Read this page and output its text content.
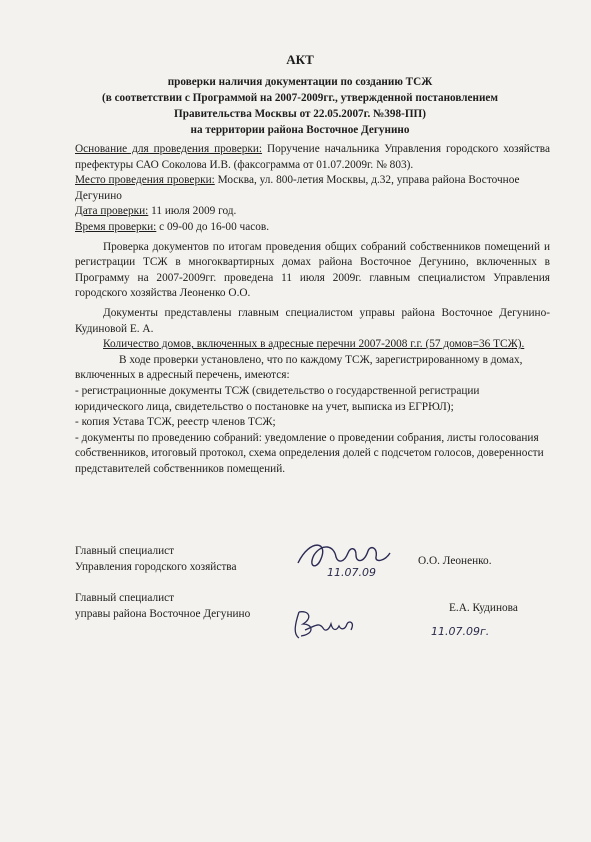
АКТ
проверки наличия документации по созданию ТСЖ
(в соответствии с Программой на 2007-2009гг., утвержденной постановлением
Правительства Москвы от 22.05.2007г. №398-ПП)
на территории района Восточное Дегунино

Основание для проведения проверки: Поручение начальника Управления городского хозяйства префектуры САО Соколова И.В. (факсограмма от 01.07.2009г. № 803).

Место проведения проверки: Москва, ул. 800-летия Москвы, д.32, управа района Восточное Дегунино

Дата проверки: 11 июля 2009 год.

Время проверки: с 09-00 до 16-00 часов.

Проверка документов по итогам проведения общих собраний собственников помещений и регистрации ТСЖ в многоквартирных домах района Восточное Дегунино, включенных в Программу на 2007-2009гг. проведена 11 июля 2009г. главным специалистом Управления городского хозяйства Леоненко О.О.

Документы представлены главным специалистом управы района Восточное Дегунино- Кудиновой Е. А.

Количество домов, включенных в адресные перечни 2007-2008 г.г. (57 домов=36 ТСЖ).

В ходе проверки установлено, что по каждому ТСЖ, зарегистрированному в домах, включенных в адресный перечень, имеются:

- регистрационные документы ТСЖ (свидетельство о государственной регистрации юридического лица, свидетельство о постановке на учет, выписка из ЕГРЮЛ);

- копия Устава ТСЖ, реестр членов ТСЖ;

- документы по проведению собраний: уведомление о проведении собрания, листы голосования собственников, итоговый протокол, схема определения долей с подсчетом голосов, доверенности представителей собственников помещений.

Главный специалист
Управления городского хозяйства	11.07.09
О.О. Леоненко.
Главный специалист
управы района Восточное Дегунино	Е.А. Кудинова
11.07.09г.
